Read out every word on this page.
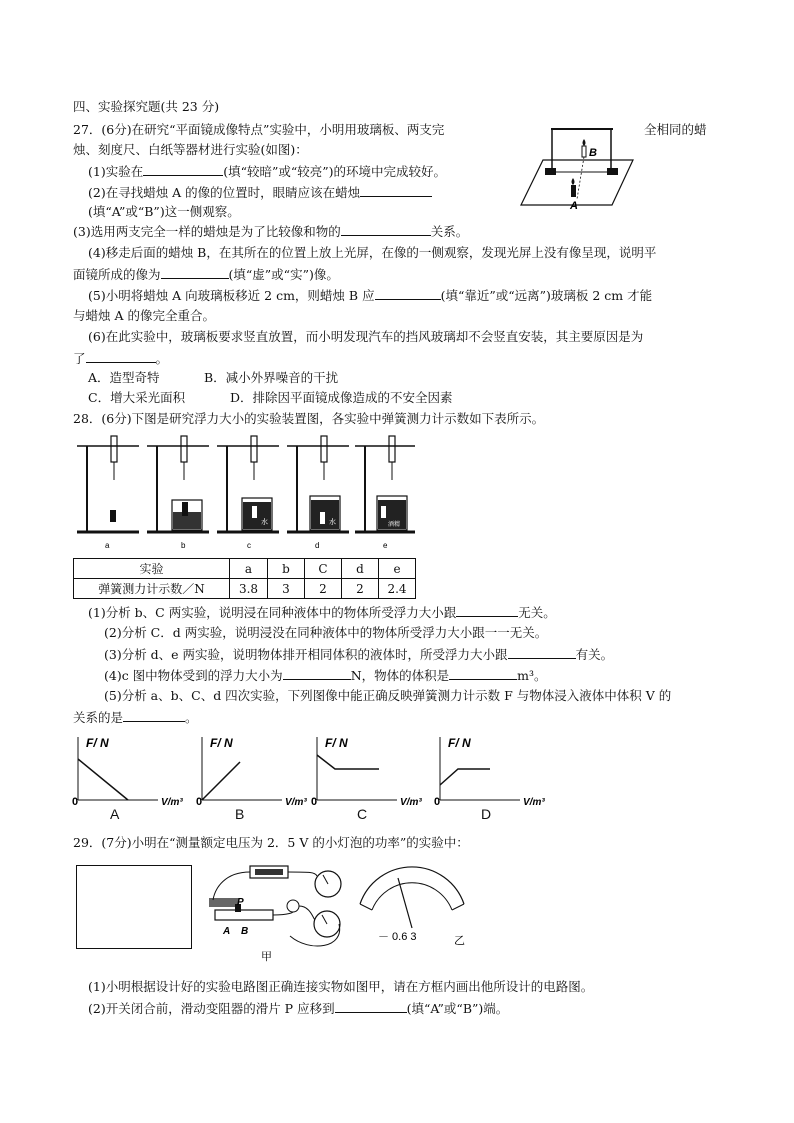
四、实验探究题(共 23 分)
27．(6分)在研究“平面镜成像特点”实验中，小明用玻璃板、两支完	全相同的蜡
烛、刻度尺、白纸等器材进行实验(如图)：
(1)实验在	(填“较暗”或“较亮”)的环境中完成较好。
(2)在寻找蜡烛 A 的像的位置时，眼睛应该在蜡烛
(填“A”或“B”)这一侧观察。
(3)选用两支完全一样的蜡烛是为了比较像和物的	关系。
(4)移走后面的蜡烛 B，在其所在的位置上放上光屏，在像的一侧观察，发现光屏上没有像呈现，说明平
面镜所成的像为	(填“虚”或“实”)像。
(5)小明将蜡烛 A 向玻璃板移近 2 cm，则蜡烛 B 应	(填“靠近”或“远离”)玻璃板 2 cm 才能
与蜡烛 A 的像完全重合。
(6)在此实验中，玻璃板要求竖直放置，而小明发现汽车的挡风玻璃却不会竖直安装，其主要原因是为
了	。
A．造型奇特	B．减小外界噪音的干扰
C．增大采光面积	D．排除因平面镜成像造成的不安全因素
B
A
28．(6分)下图是研究浮力大小的实验装置图，各实验中弹簧测力计示数如下表所示。
水	水	酒精
a	b	c	d	e
实验	a	b	C	d	e
弹簧测力计示数／N	3.8	3	2	2	2.4
(1)分析 b、C 两实验，说明浸在同种液体中的物体所受浮力大小跟	无关。
(2)分析 C．d 两实验，说明浸没在同种液体中的物体所受浮力大小跟一一无关。
(3)分析 d、e 两实验，说明物体排开相同体积的液体时，所受浮力大小跟	有关。
(4)c 图中物体受到的浮力大小为	N，物体的体积是	m³。
(5)分析 a、b、C、d 四次实验，下列图像中能正确反映弹簧测力计示数 F 与物体浸入液体中体积 V 的
关系的是	。
F/ N
0	V/m³
F/ N
0	V/m³
F/ N
0	V/m³
F/ N
0	V/m³
A	B	C	D
29．(7分)小明在“测量额定电压为 2．5 V 的小灯泡的功率”的实验中：
P
A B
甲
－ 0.6 3	乙
(1)小明根据设计好的实验电路图正确连接实物如图甲，请在方框内画出他所设计的电路图。
(2)开关闭合前，滑动变阻器的滑片 P 应移到	(填“A”或“B”)端。
